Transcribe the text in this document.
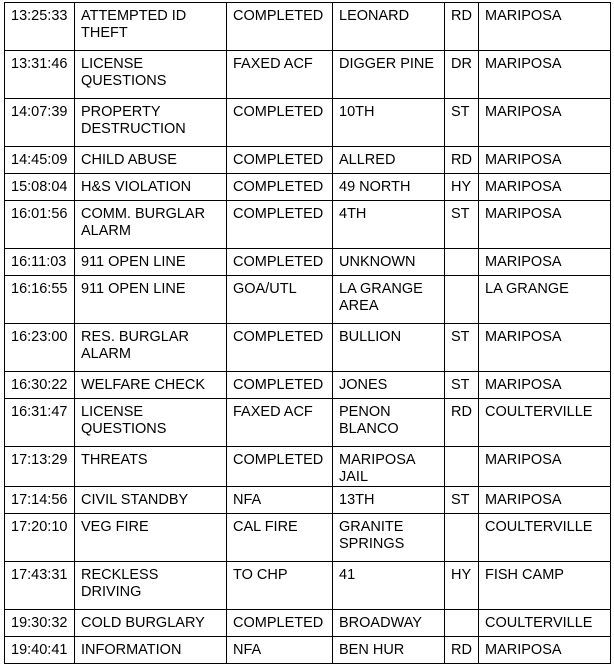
13:25:33	ATTEMPTED ID THEFT	COMPLETED	LEONARD	RD	MARIPOSA
13:31:46	LICENSE QUESTIONS	FAXED ACF	DIGGER PINE	DR	MARIPOSA
14:07:39	PROPERTY DESTRUCTION	COMPLETED	10TH	ST	MARIPOSA
14:45:09	CHILD ABUSE	COMPLETED	ALLRED	RD	MARIPOSA
15:08:04	H&S VIOLATION	COMPLETED	49 NORTH	HY	MARIPOSA
16:01:56	COMM. BURGLAR ALARM	COMPLETED	4TH	ST	MARIPOSA
16:11:03	911 OPEN LINE	COMPLETED	UNKNOWN		MARIPOSA
16:16:55	911 OPEN LINE	GOA/UTL	LA GRANGE AREA		LA GRANGE
16:23:00	RES. BURGLAR ALARM	COMPLETED	BULLION	ST	MARIPOSA
16:30:22	WELFARE CHECK	COMPLETED	JONES	ST	MARIPOSA
16:31:47	LICENSE QUESTIONS	FAXED ACF	PENON BLANCO	RD	COULTERVILLE
17:13:29	THREATS	COMPLETED	MARIPOSA JAIL		MARIPOSA
17:14:56	CIVIL STANDBY	NFA	13TH	ST	MARIPOSA
17:20:10	VEG FIRE	CAL FIRE	GRANITE SPRINGS		COULTERVILLE
17:43:31	RECKLESS DRIVING	TO CHP	41	HY	FISH CAMP
19:30:32	COLD BURGLARY	COMPLETED	BROADWAY		COULTERVILLE
19:40:41	INFORMATION	NFA	BEN HUR	RD	MARIPOSA
